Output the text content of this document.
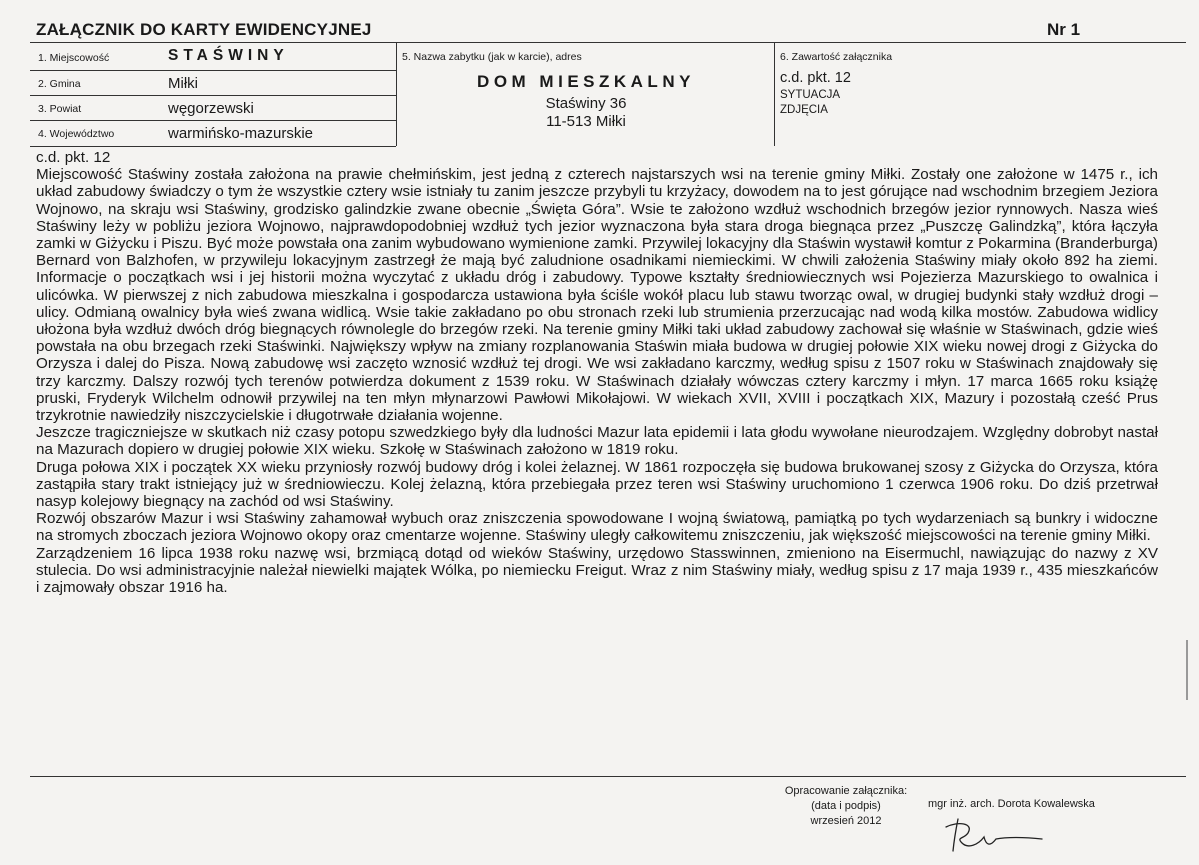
ZAŁĄCZNIK DO KARTY EWIDENCYJNEJ	Nr 1
1. Miejscowość	STAŚWINY
2. Gmina	Miłki
3. Powiat	węgorzewski
4. Województwo	warmińsko-mazurskie
5. Nazwa zabytku (jak w karcie), adres
DOM MIESZKALNY
Staświny 36
11-513 Miłki
6. Zawartość załącznika
c.d. pkt. 12
SYTUACJA
ZDJĘCIA

c.d. pkt. 12

Miejscowość Staświny została założona na prawie chełmińskim, jest jedną z czterech najstarszych wsi na terenie gminy Miłki. Zostały one założone w 1475 r., ich układ zabudowy świadczy o tym że wszystkie cztery wsie istniały tu zanim jeszcze przybyli tu krzyżacy, dowodem na to jest górujące nad wschodnim brzegiem Jeziora Wojnowo, na skraju wsi Staświny, grodzisko galindzkie zwane obecnie „Święta Góra”. Wsie te założono wzdłuż wschodnich brzegów jezior rynnowych. Nasza wieś Staświny leży w pobliżu jeziora Wojnowo, najprawdopodobniej wzdłuż tych jezior wyznaczona była stara droga biegnąca przez „Puszczę Galindzką”, która łączyła zamki w Giżycku i Piszu. Być może powstała ona zanim wybudowano wymienione zamki. Przywilej lokacyjny dla Staświn wystawił komtur z Pokarmina (Branderburga) Bernard von Balzhofen, w przywileju lokacyjnym zastrzegł że mają być zaludnione osadnikami niemieckimi. W chwili założenia Staświny miały około 892 ha ziemi. Informacje o początkach wsi i jej historii można wyczytać z układu dróg i zabudowy. Typowe kształty średniowiecznych wsi Pojezierza Mazurskiego to owalnica i ulicówka. W pierwszej z nich zabudowa mieszkalna i gospodarcza ustawiona była ściśle wokół placu lub stawu tworząc owal, w drugiej budynki stały wzdłuż drogi – ulicy. Odmianą owalnicy była wieś zwana widlicą. Wsie takie zakładano po obu stronach rzeki lub strumienia przerzucając nad wodą kilka mostów. Zabudowa widlicy ułożona była wzdłuż dwóch dróg biegnących równolegle do brzegów rzeki. Na terenie gminy Miłki taki układ zabudowy zachował się właśnie w Staświnach, gdzie wieś powstała na obu brzegach rzeki Staświnki. Największy wpływ na zmiany rozplanowania Staświn miała budowa w drugiej połowie XIX wieku nowej drogi z Giżycka do Orzysza i dalej do Pisza. Nową zabudowę wsi zaczęto wznosić wzdłuż tej drogi. We wsi zakładano karczmy, według spisu z 1507 roku w Staświnach znajdowały się trzy karczmy. Dalszy rozwój tych terenów potwierdza dokument z 1539 roku. W Staświnach działały wówczas cztery karczmy i młyn. 17 marca 1665 roku książę pruski, Fryderyk Wilchelm odnowił przywilej na ten młyn młynarzowi Pawłowi Mikołajowi. W wiekach XVII, XVIII i początkach XIX, Mazury i pozostałą cześć Prus trzykrotnie nawiedziły niszczycielskie i długotrwałe działania wojenne.

Jeszcze tragiczniejsze w skutkach niż czasy potopu szwedzkiego były dla ludności Mazur lata epidemii i lata głodu wywołane nieurodzajem. Względny dobrobyt nastał na Mazurach dopiero w drugiej połowie XIX wieku. Szkołę w Staświnach założono w 1819 roku.

Druga połowa XIX i początek XX wieku przyniosły rozwój budowy dróg i kolei żelaznej. W 1861 rozpoczęła się budowa brukowanej szosy z Giżycka do Orzysza, która zastąpiła stary trakt istniejący już w średniowieczu. Kolej żelazną, która przebiegała przez teren wsi Staświny uruchomiono 1 czerwca 1906 roku. Do dziś przetrwał nasyp kolejowy biegnący na zachód od wsi Staświny.

Rozwój obszarów Mazur i wsi Staświny zahamował wybuch oraz zniszczenia spowodowane I wojną światową, pamiątką po tych wydarzeniach są bunkry i widoczne na stromych zboczach jeziora Wojnowo okopy oraz cmentarze wojenne. Staświny uległy całkowitemu zniszczeniu, jak większość miejscowości na terenie gminy Miłki.

Zarządzeniem 16 lipca 1938 roku nazwę wsi, brzmiącą dotąd od wieków Staświny, urzędowo Stasswinnen, zmieniono na Eisermuchl, nawiązując do nazwy z XV stulecia. Do wsi administracyjnie należał niewielki majątek Wólka, po niemiecku Freigut. Wraz z nim Staświny miały, według spisu z 17 maja 1939 r., 435 mieszkańców i zajmowały obszar 1916 ha.

Opracowanie załącznika:
(data i podpis)
wrzesień 2012
mgr inż. arch. Dorota Kowalewska
